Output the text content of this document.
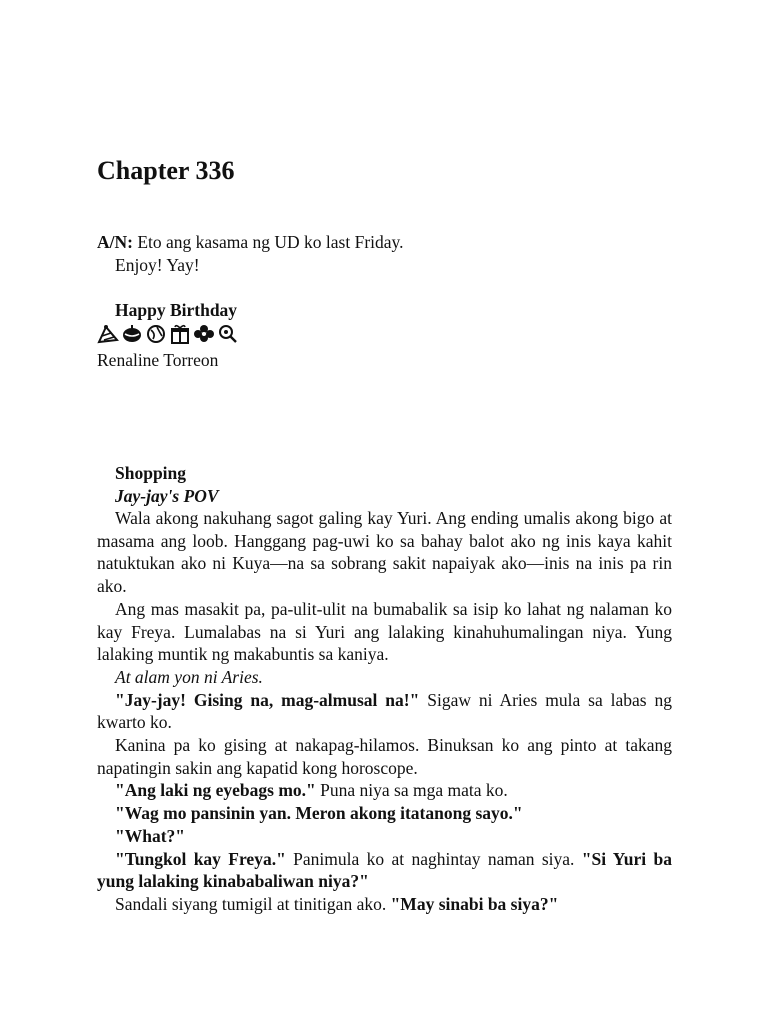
Chapter 336

A/N: Eto ang kasama ng UD ko last Friday.

Enjoy! Yay!

Happy Birthday

Renaline Torreon

Shopping

Jay-jay's POV

Wala akong nakuhang sagot galing kay Yuri. Ang ending umalis akong bigo at masama ang loob. Hanggang pag-uwi ko sa bahay balot ako ng inis kaya kahit natuktukan ako ni Kuya—na sa sobrang sakit napaiyak ako—inis na inis pa rin ako.

Ang mas masakit pa, pa-ulit-ulit na bumabalik sa isip ko lahat ng nalaman ko kay Freya. Lumalabas na si Yuri ang lalaking kinahuhumalingan niya. Yung lalaking muntik ng makabuntis sa kaniya.

At alam yon ni Aries.

"Jay-jay! Gising na, mag-almusal na!" Sigaw ni Aries mula sa labas ng kwarto ko.

Kanina pa ko gising at nakapag-hilamos. Binuksan ko ang pinto at takang napatingin sakin ang kapatid kong horoscope.

"Ang laki ng eyebags mo." Puna niya sa mga mata ko.

"Wag mo pansinin yan. Meron akong itatanong sayo."

"What?"

"Tungkol kay Freya." Panimula ko at naghintay naman siya. "Si Yuri ba yung lalaking kinababaliwan niya?"

Sandali siyang tumigil at tinitigan ako. "May sinabi ba siya?"
